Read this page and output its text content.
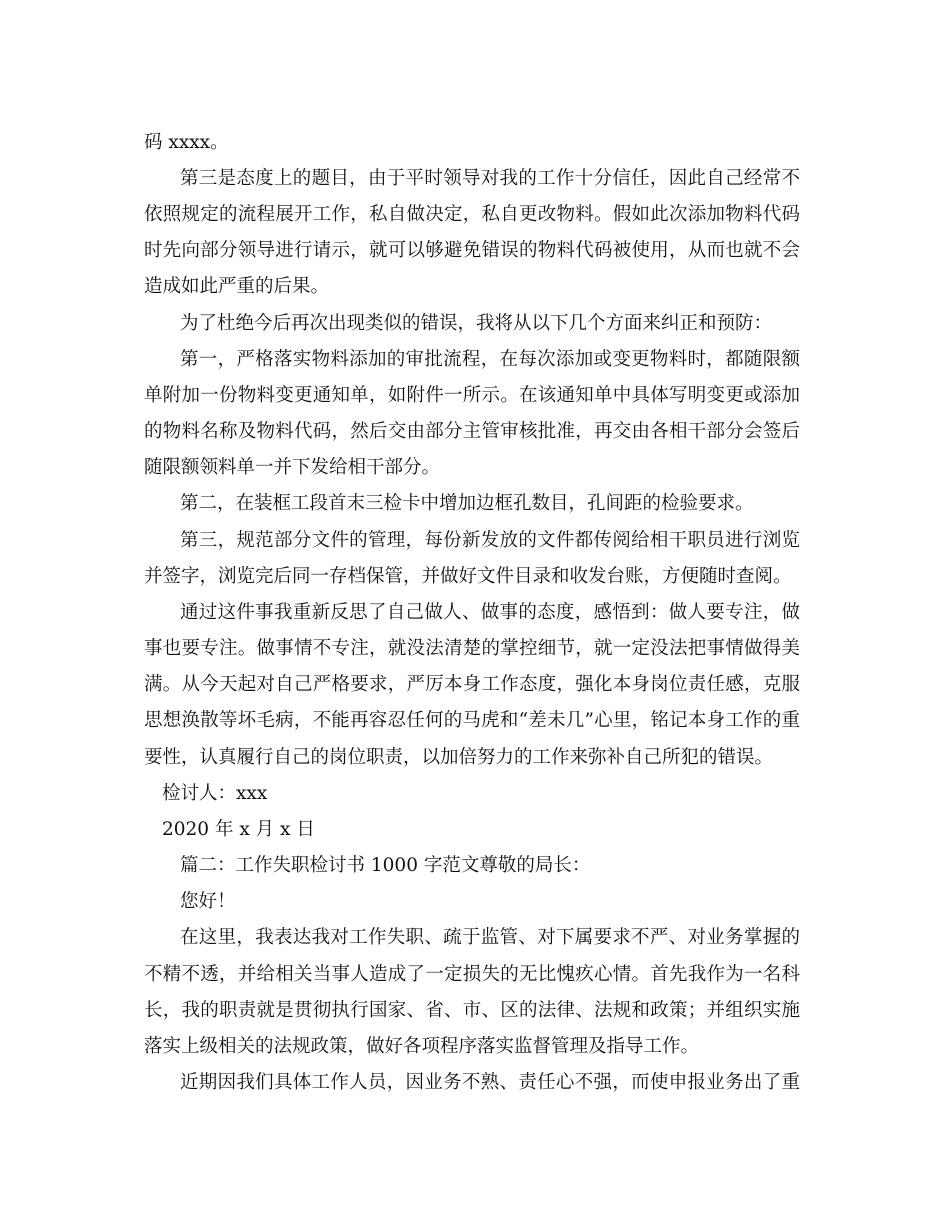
码 xxxx。
第三是态度上的题目，由于平时领导对我的工作十分信任，因此自己经常不
依照规定的流程展开工作，私自做决定，私自更改物料。假如此次添加物料代码
时先向部分领导进行请示，就可以够避免错误的物料代码被使用，从而也就不会
造成如此严重的后果。
为了杜绝今后再次出现类似的错误，我将从以下几个方面来纠正和预防：
第一，严格落实物料添加的审批流程，在每次添加或变更物料时，都随限额
单附加一份物料变更通知单，如附件一所示。在该通知单中具体写明变更或添加
的物料名称及物料代码，然后交由部分主管审核批准，再交由各相干部分会签后
随限额领料单一并下发给相干部分。
第二，在装框工段首末三检卡中增加边框孔数目，孔间距的检验要求。
第三，规范部分文件的管理，每份新发放的文件都传阅给相干职员进行浏览
并签字，浏览完后同一存档保管，并做好文件目录和收发台账，方便随时查阅。
通过这件事我重新反思了自己做人、做事的态度，感悟到：做人要专注，做
事也要专注。做事情不专注，就没法清楚的掌控细节，就一定没法把事情做得美
满。从今天起对自己严格要求，严厉本身工作态度，强化本身岗位责任感，克服
思想涣散等坏毛病，不能再容忍任何的马虎和“差未几”心里，铭记本身工作的重
要性，认真履行自己的岗位职责，以加倍努力的工作来弥补自己所犯的错误。
检讨人：xxx
2020 年 x 月 x 日
篇二：工作失职检讨书 1000 字范文尊敬的局长：
您好！
在这里，我表达我对工作失职、疏于监管、对下属要求不严、对业务掌握的
不精不透，并给相关当事人造成了一定损失的无比愧疚心情。首先我作为一名科
长，我的职责就是贯彻执行国家、省、市、区的法律、法规和政策；并组织实施
落实上级相关的法规政策，做好各项程序落实监督管理及指导工作。
近期因我们具体工作人员，因业务不熟、责任心不强，而使申报业务出了重
